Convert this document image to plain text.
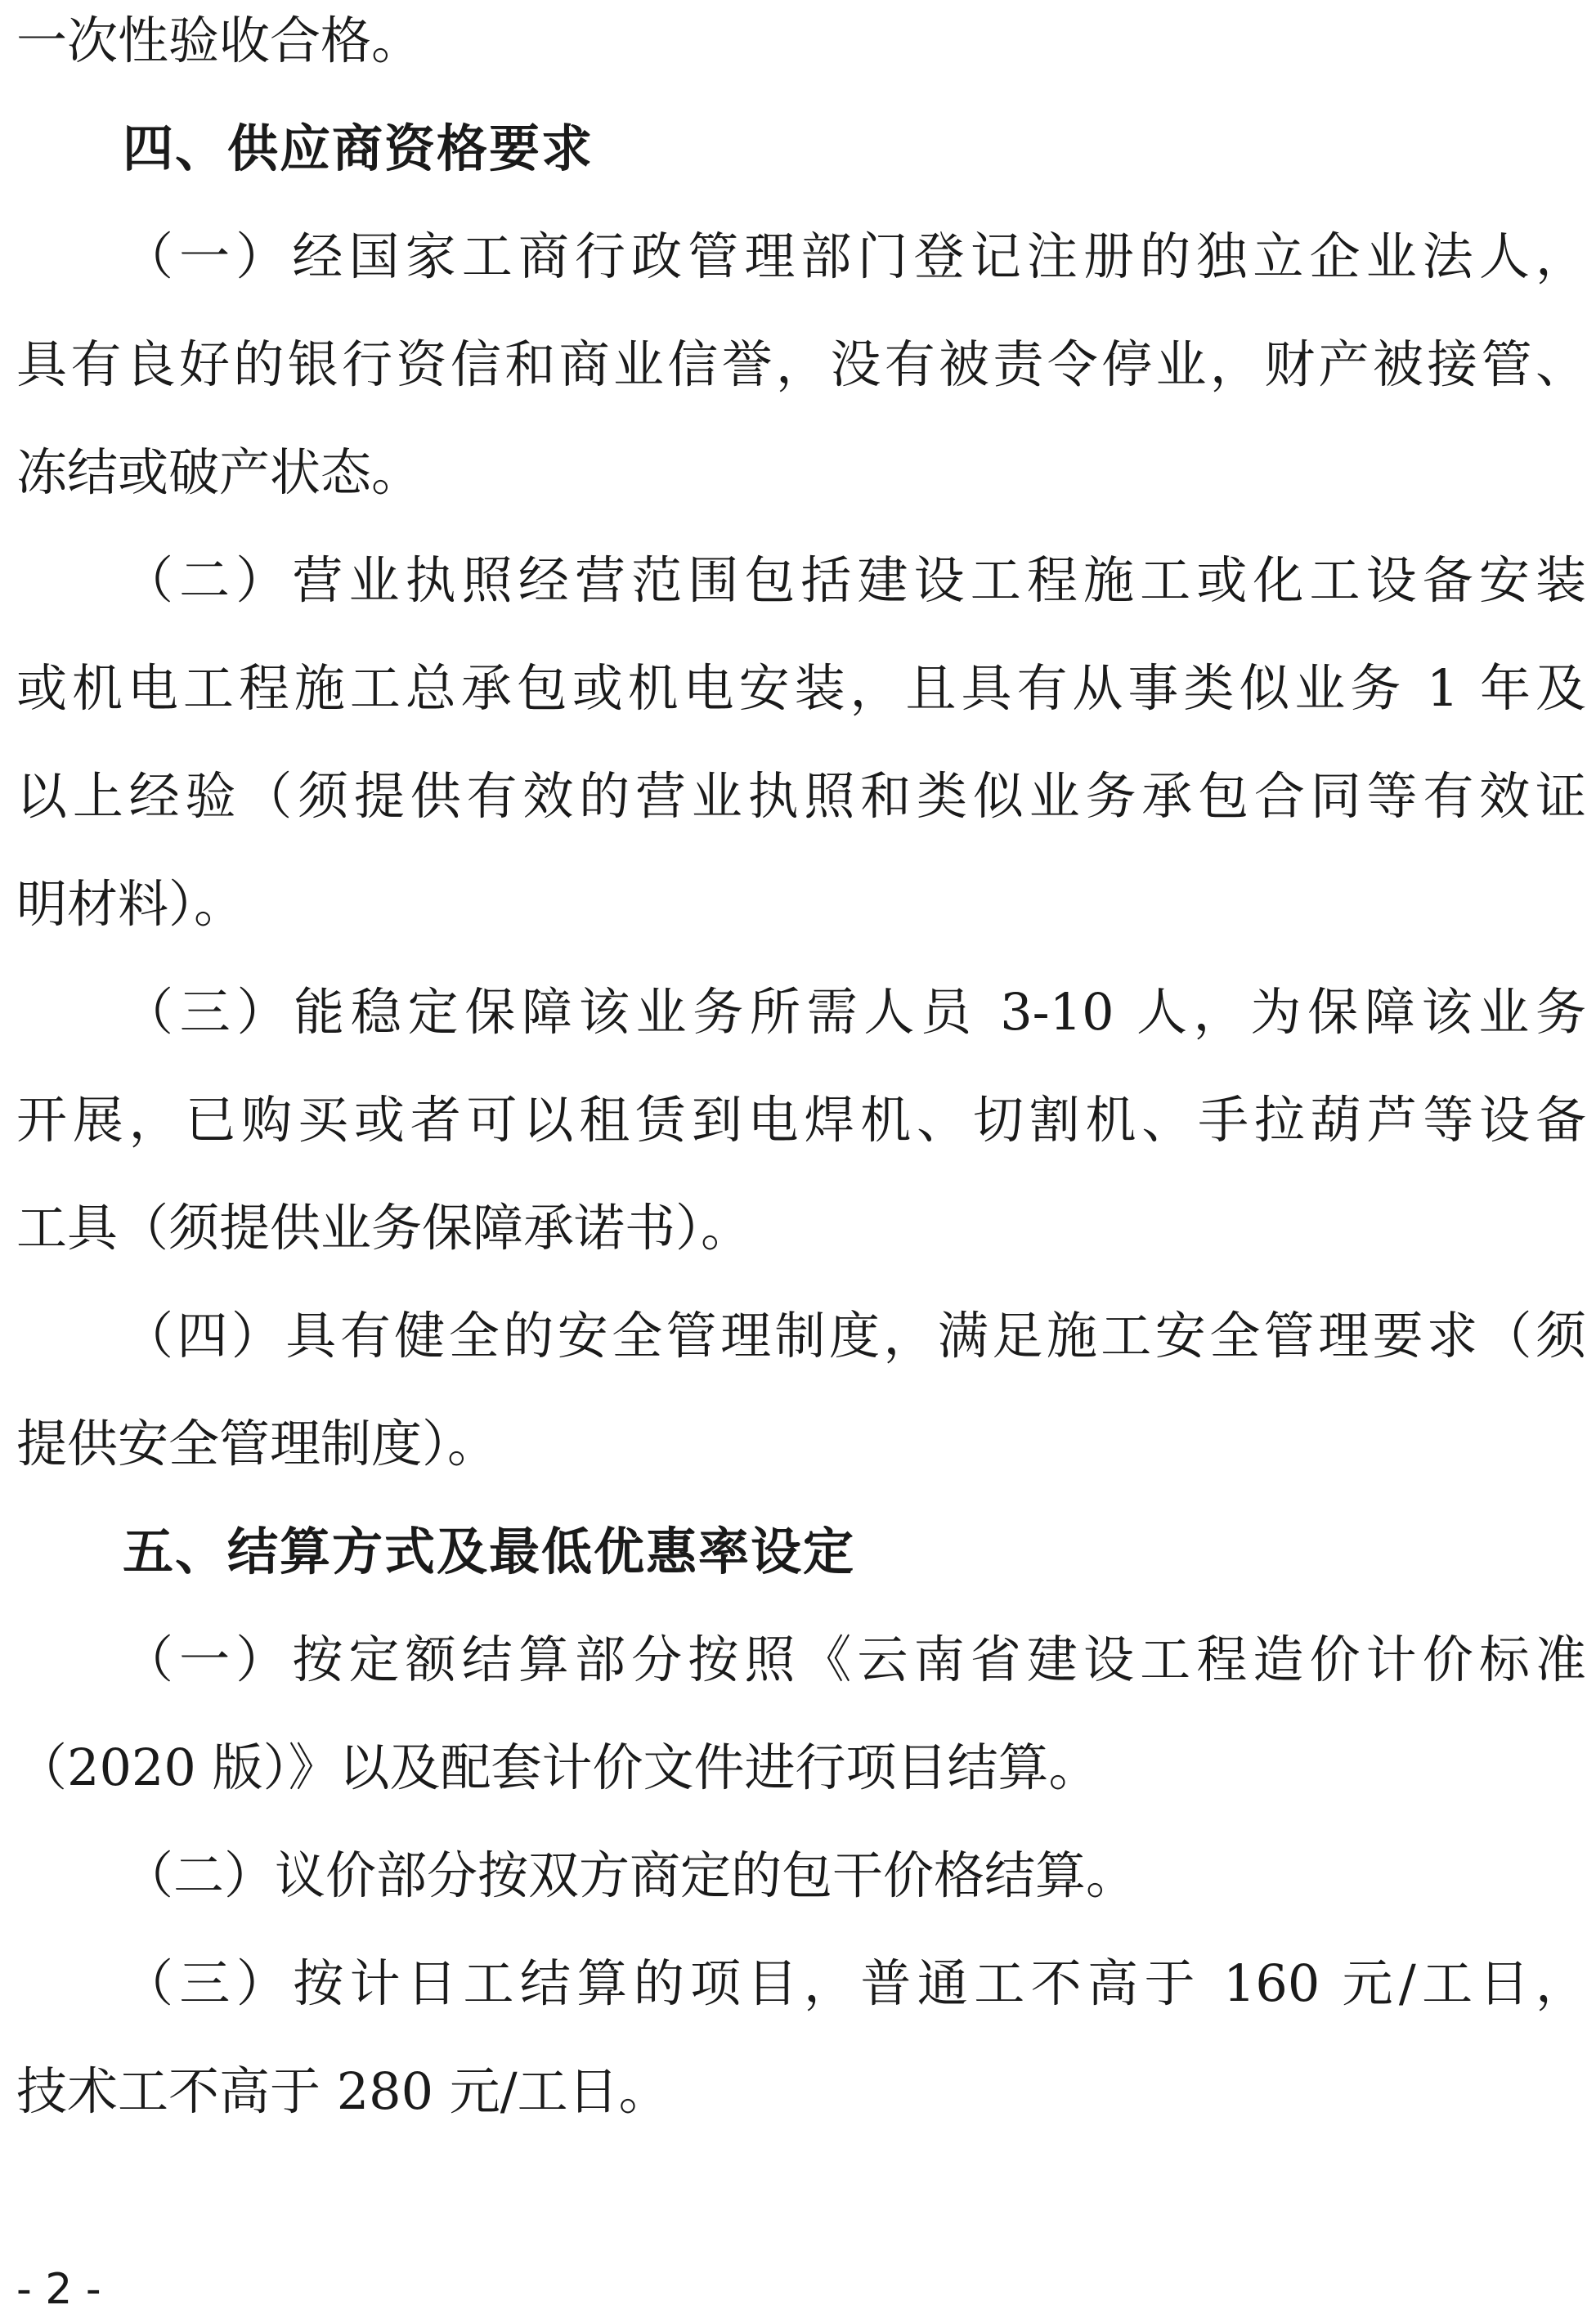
一次性验收合格。
四、供应商资格要求
（一）经国家工商行政管理部门登记注册的独立企业法人，
具有良好的银行资信和商业信誉，没有被责令停业，财产被接管、
冻结或破产状态。
（二）营业执照经营范围包括建设工程施工或化工设备安装
或机电工程施工总承包或机电安装，且具有从事类似业务 1 年及
以上经验（须提供有效的营业执照和类似业务承包合同等有效证
明材料）。
（三）能稳定保障该业务所需人员 3-10 人，为保障该业务
开展，已购买或者可以租赁到电焊机、切割机、手拉葫芦等设备
工具（须提供业务保障承诺书）。
（四）具有健全的安全管理制度，满足施工安全管理要求（须
提供安全管理制度）。
五、结算方式及最低优惠率设定
（一）按定额结算部分按照《云南省建设工程造价计价标准
（2020 版）》以及配套计价文件进行项目结算。
（二）议价部分按双方商定的包干价格结算。
（三）按计日工结算的项目，普通工不高于 160 元/工日，
技术工不高于 280 元/工日。
- 2 -
